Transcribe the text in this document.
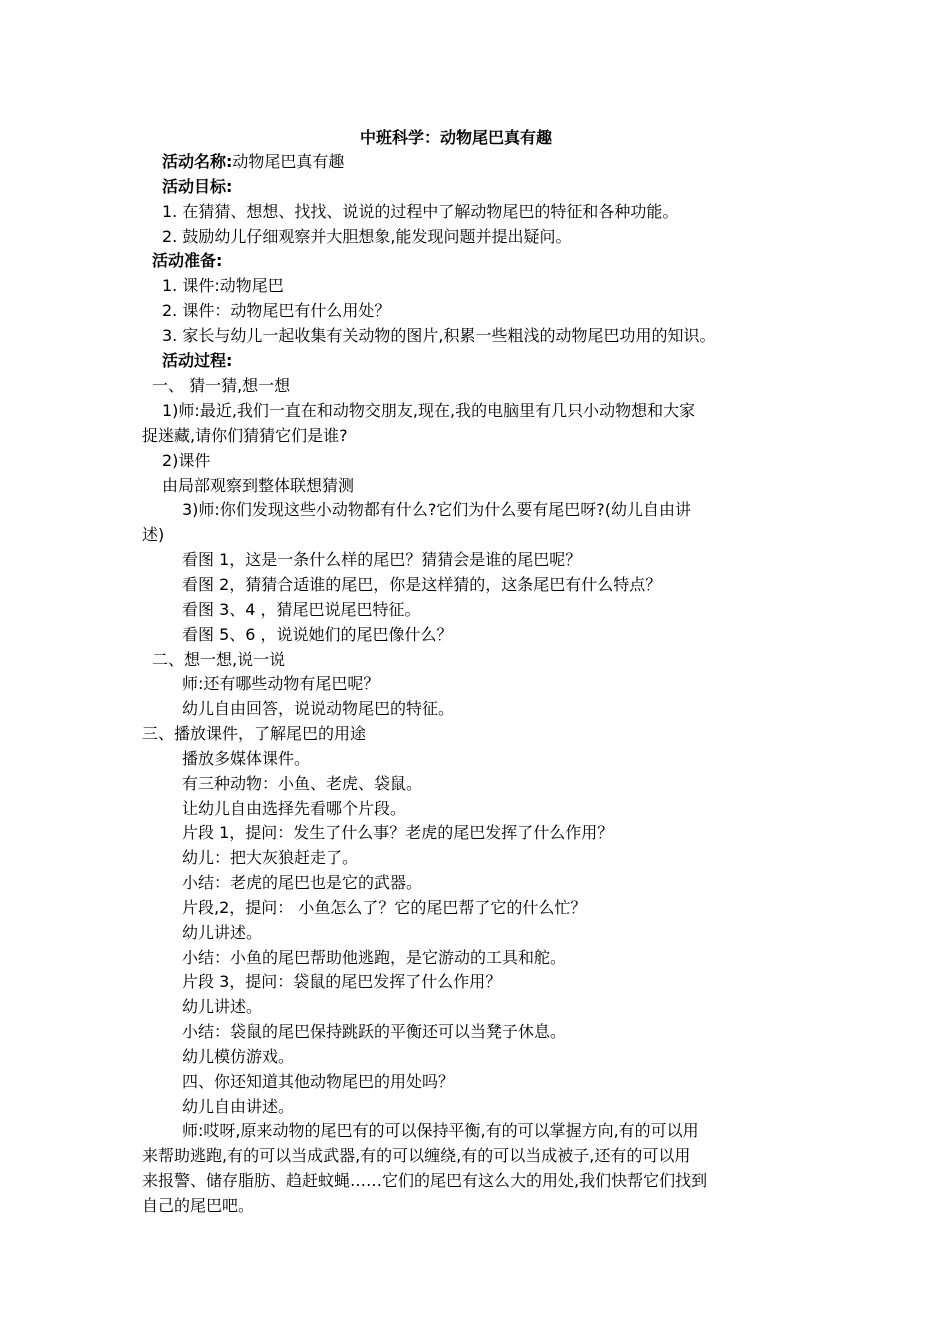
中班科学：动物尾巴真有趣
活动名称:动物尾巴真有趣
活动目标:
1. 在猜猜、想想、找找、说说的过程中了解动物尾巴的特征和各种功能。
2. 鼓励幼儿仔细观察并大胆想象,能发现问题并提出疑问。
活动准备:
1. 课件:动物尾巴
2. 课件：动物尾巴有什么用处？
3. 家长与幼儿一起收集有关动物的图片,积累一些粗浅的动物尾巴功用的知识。
活动过程:
一、 猜一猜,想一想
1)师:最近,我们一直在和动物交朋友,现在,我的电脑里有几只小动物想和大家
捉迷藏,请你们猜猜它们是谁?
2)课件
由局部观察到整体联想猜测
3)师:你们发现这些小动物都有什么?它们为什么要有尾巴呀?(幼儿自由讲
述)
看图 1，这是一条什么样的尾巴？猜猜会是谁的尾巴呢？
看图 2，猜猜合适谁的尾巴，你是这样猜的，这条尾巴有什么特点？
看图 3、4 ，猜尾巴说尾巴特征。
看图 5、6 ，说说她们的尾巴像什么？
二、想一想,说一说
师:还有哪些动物有尾巴呢？
幼儿自由回答，说说动物尾巴的特征。
三、播放课件，了解尾巴的用途
播放多媒体课件。
有三种动物：小鱼、老虎、袋鼠。
让幼儿自由选择先看哪个片段。
片段 1，提问：发生了什么事？老虎的尾巴发挥了什么作用？
幼儿：把大灰狼赶走了。
小结：老虎的尾巴也是它的武器。
片段,2，提问： 小鱼怎么了？它的尾巴帮了它的什么忙？
幼儿讲述。
小结：小鱼的尾巴帮助他逃跑，是它游动的工具和舵。
片段 3，提问：袋鼠的尾巴发挥了什么作用？
幼儿讲述。
小结：袋鼠的尾巴保持跳跃的平衡还可以当凳子休息。
幼儿模仿游戏。
四、你还知道其他动物尾巴的用处吗？
幼儿自由讲述。
师:哎呀,原来动物的尾巴有的可以保持平衡,有的可以掌握方向,有的可以用
来帮助逃跑,有的可以当成武器,有的可以缠绕,有的可以当成被子,还有的可以用
来报警、储存脂肪、趋赶蚊蝇……它们的尾巴有这么大的用处,我们快帮它们找到
自己的尾巴吧。
